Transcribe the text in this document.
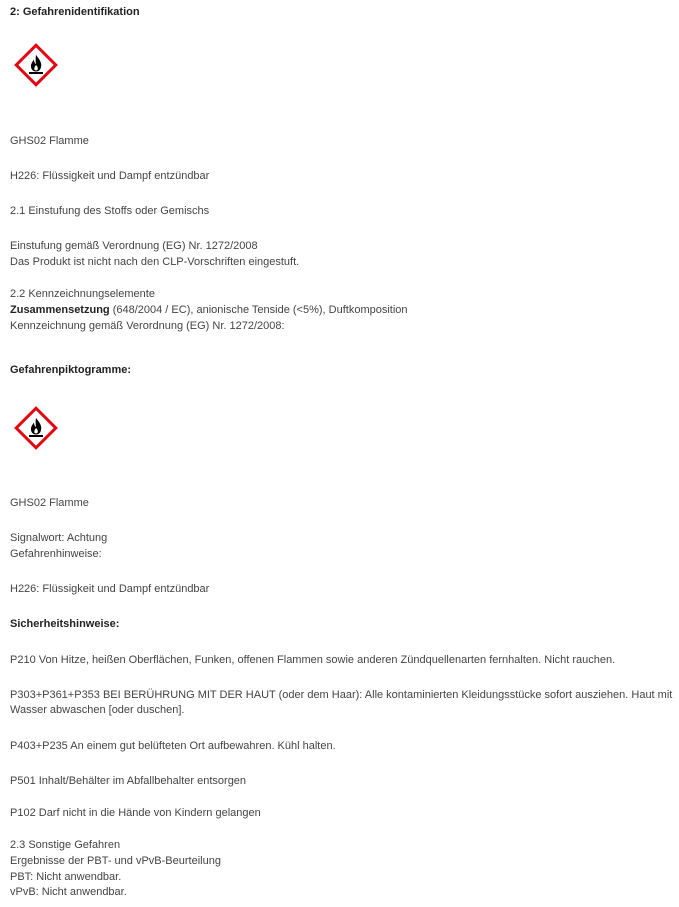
2: Gefahrenidentifikation
GHS02 Flamme
H226: Flüssigkeit und Dampf entzündbar
2.1 Einstufung des Stoffs oder Gemischs
Einstufung gemäß Verordnung (EG) Nr. 1272/2008
Das Produkt ist nicht nach den CLP-Vorschriften eingestuft.
2.2 Kennzeichnungselemente
Zusammensetzung (648/2004 / EC), anionische Tenside (<5%), Duftkomposition
Kennzeichnung gemäß Verordnung (EG) Nr. 1272/2008:
Gefahrenpiktogramme:
GHS02 Flamme
Signalwort: Achtung
Gefahrenhinweise:
H226: Flüssigkeit und Dampf entzündbar
Sicherheitshinweise:
P210 Von Hitze, heißen Oberflächen, Funken, offenen Flammen sowie anderen Zündquellenarten fernhalten. Nicht rauchen.
P303+P361+P353 BEI BERÜHRUNG MIT DER HAUT (oder dem Haar): Alle kontaminierten Kleidungsstücke sofort ausziehen. Haut mit Wasser abwaschen [oder duschen].
P403+P235 An einem gut belüfteten Ort aufbewahren. Kühl halten.
P501 Inhalt/Behälter im Abfallbehalter entsorgen
P102 Darf nicht in die Hände von Kindern gelangen
2.3 Sonstige Gefahren
Ergebnisse der PBT- und vPvB-Beurteilung
PBT: Nicht anwendbar.
vPvB: Nicht anwendbar.
